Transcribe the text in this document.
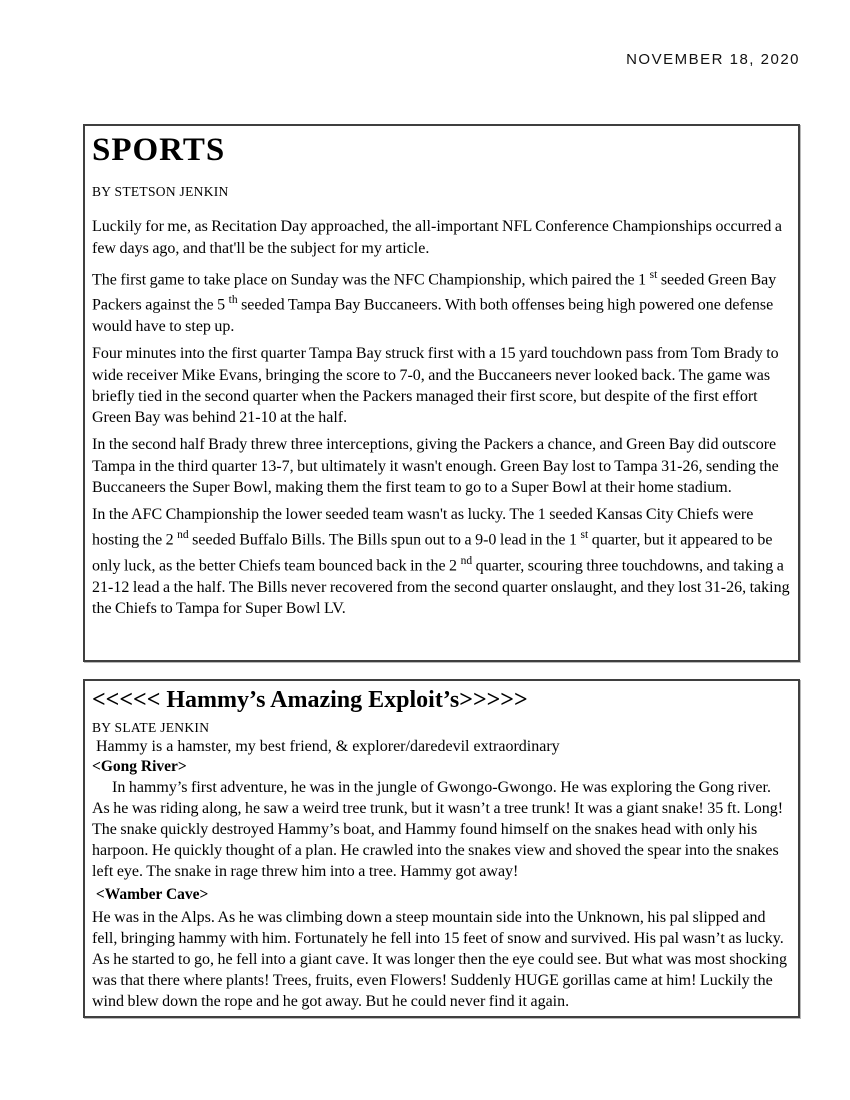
NOVEMBER 18, 2020
SPORTS
BY STETSON JENKIN

Luckily for me, as Recitation Day approached, the all-important NFL Conference Championships occurred a few days ago, and that'll be the subject for my article.

The first game to take place on Sunday was the NFC Championship, which paired the 1 $^{st}$ seeded Green Bay Packers against the 5 $^{th}$ seeded Tampa Bay Buccaneers. With both offenses being high powered one defense would have to step up.

Four minutes into the first quarter Tampa Bay struck first with a 15 yard touchdown pass from Tom Brady to wide receiver Mike Evans, bringing the score to 7-0, and the Buccaneers never looked back. The game was briefly tied in the second quarter when the Packers managed their first score, but despite of the first effort Green Bay was behind 21-10 at the half.

In the second half Brady threw three interceptions, giving the Packers a chance, and Green Bay did outscore Tampa in the third quarter 13-7, but ultimately it wasn't enough. Green Bay lost to Tampa 31-26, sending the Buccaneers the Super Bowl, making them the first team to go to a Super Bowl at their home stadium.

In the AFC Championship the lower seeded team wasn't as lucky. The 1 seeded Kansas City Chiefs were hosting the 2 $^{nd}$ seeded Buffalo Bills. The Bills spun out to a 9-0 lead in the 1 $^{st}$ quarter, but it appeared to be only luck, as the better Chiefs team bounced back in the 2 $^{nd}$ quarter, scouring three touchdowns, and taking a 21-12 lead a the half. The Bills never recovered from the second quarter onslaught, and they lost 31-26, taking the Chiefs to Tampa for Super Bowl LV.

<<<<< Hammy’s Amazing Exploit’s>>>>>
BY SLATE JENKIN

Hammy is a hamster, my best friend, & explorer/daredevil extraordinary

<Gong River>

In hammy’s first adventure, he was in the jungle of Gwongo-Gwongo. He was exploring the Gong river. As he was riding along, he saw a weird tree trunk, but it wasn’t a tree trunk! It was a giant snake! 35 ft. Long! The snake quickly destroyed Hammy’s boat, and Hammy found himself on the snakes head with only his harpoon. He quickly thought of a plan. He crawled into the snakes view and shoved the spear into the snakes left eye. The snake in rage threw him into a tree. Hammy got away!

<Wamber Cave>

He was in the Alps. As he was climbing down a steep mountain side into the Unknown, his pal slipped and fell, bringing hammy with him. Fortunately he fell into 15 feet of snow and survived. His pal wasn’t as lucky. As he started to go, he fell into a giant cave. It was longer then the eye could see. But what was most shocking was that there where plants! Trees, fruits, even Flowers! Suddenly HUGE gorillas came at him! Luckily the wind blew down the rope and he got away. But he could never find it again.
